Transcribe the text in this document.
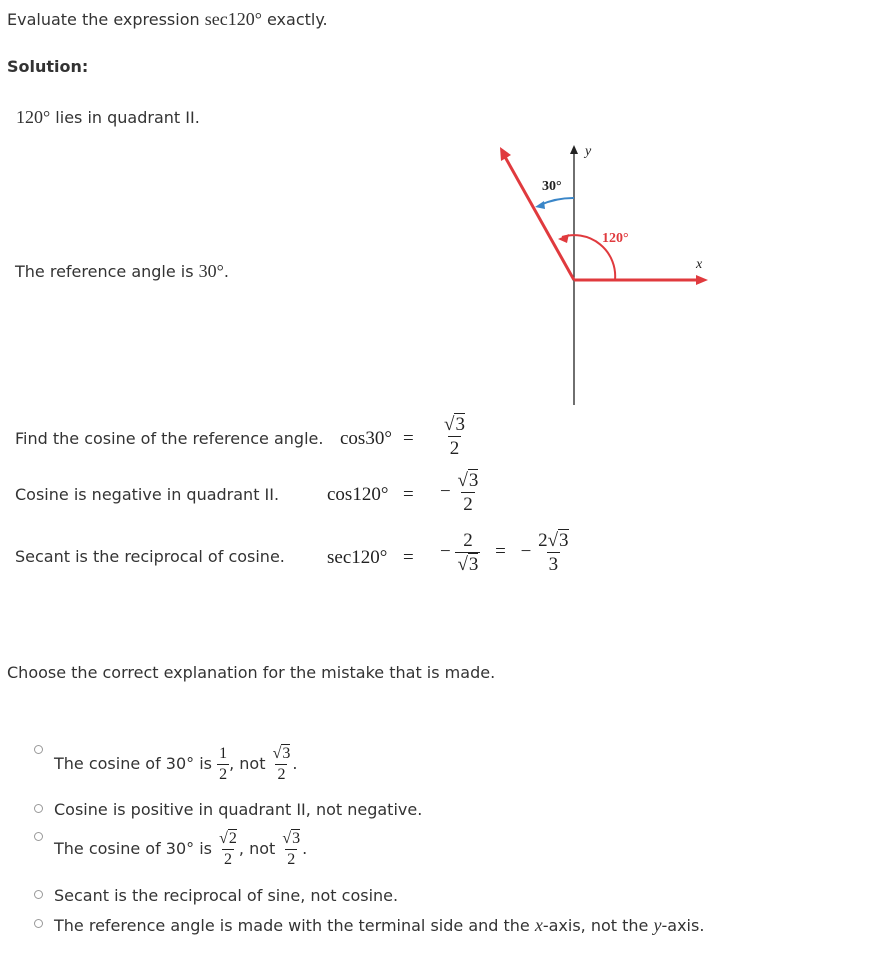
Evaluate the expression sec120° exactly.
Solution:
120° lies in quadrant II.
The reference angle is 30°.
y
x
120°
30°
Find the cosine of the reference angle. $\cos 30^\circ = \frac{√3}{2}$
Cosine is negative in quadrant II.	cos120° = − $\frac{√3}{2}$
Secant is the reciprocal of cosine. sec120° = − $\frac{2}{√3}$ = − $\frac{2√3}{3}$
Choose the correct explanation for the mistake that is made.
The cosine of 30° is $\frac{1}{2}$ , not $\frac{√3}{2}$ .
Cosine is positive in quadrant II, not negative.
The cosine of 30° is $\frac{√2}{2}$ , not $\frac{√3}{2}$ .
Secant is the reciprocal of sine, not cosine.
The reference angle is made with the terminal side and the x-axis, not the y-axis.
